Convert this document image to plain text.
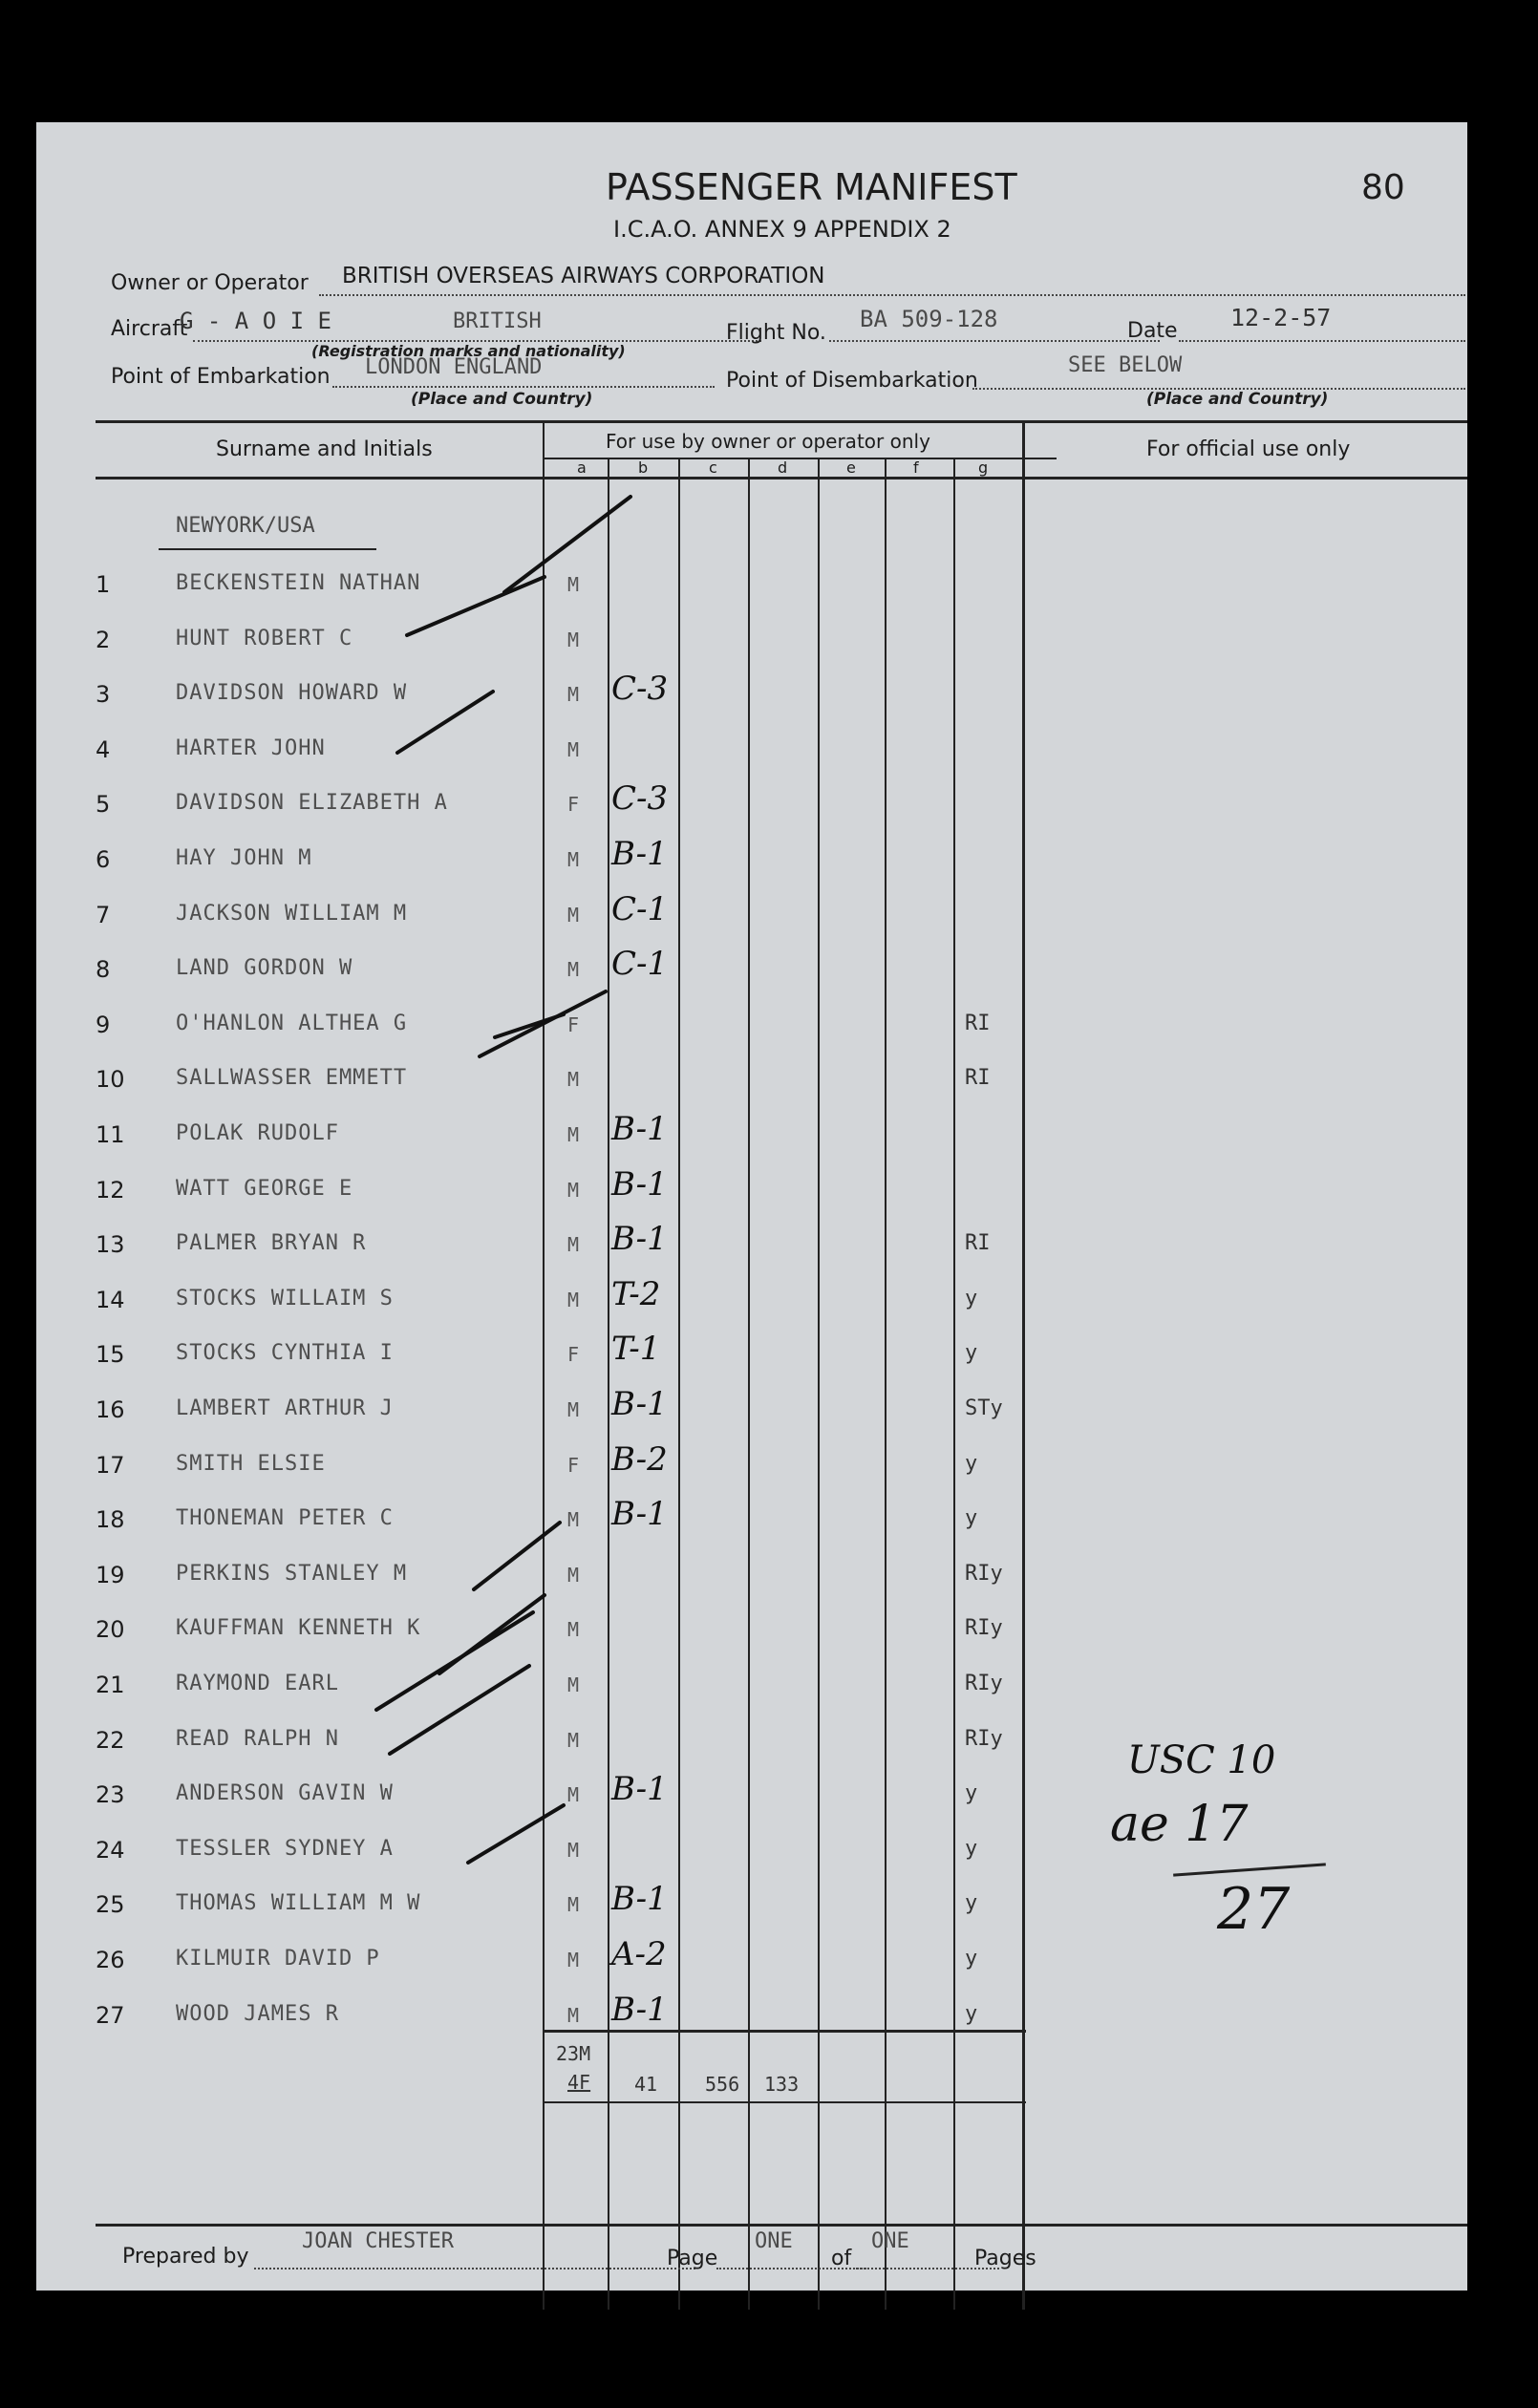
PASSENGER MANIFEST
I.C.A.O. ANNEX 9 APPENDIX 2
80
Owner or Operator BRITISH OVERSEAS AIRWAYS CORPORATION
Aircraft
G - A O I E	BRITISH
(Registration marks and nationality)
Flight No.
BA 509-128	Date 12-2-57
Point of Embarkation LONDON ENGLAND
(Place and Country)
Point of Disembarkation
SEE BELOW
(Place and Country)
Surname and Initials	For use by owner or operator only	For official use only
a	b	c	d	e	f	g
NEWYORK/USA
1	BECKENSTEIN NATHAN	M
2	HUNT ROBERT C	M
3	DAVIDSON HOWARD W	M C-3
4	HARTER JOHN	M
5	DAVIDSON ELIZABETH A	F C-3
6	HAY JOHN M	M B-1
7	JACKSON WILLIAM M	M C-1
8	LAND GORDON W	M C-1
9	O'HANLON ALTHEA G	F	RI
10 SALLWASSER EMMETT	M	RI
11 POLAK RUDOLF	M B-1
12 WATT GEORGE E	M B-1
13 PALMER BRYAN R	M B-1	RI
14 STOCKS WILLAIM S	M T-2	y
15 STOCKS CYNTHIA I	F T-1	y
16 LAMBERT ARTHUR J	M B-1	STy
17 SMITH ELSIE	F B-2	y
18 THONEMAN PETER C	M B-1	y
19 PERKINS STANLEY M	M	RIy
20 KAUFFMAN KENNETH K	M	RIy
21 RAYMOND EARL	M	RIy
22 READ RALPH N	M	RIy
23 ANDERSON GAVIN W	M B-1	y
24 TESSLER SYDNEY A	M	y
25 THOMAS WILLIAM M W	M B-1	y
26 KILMUIR DAVID P	M A-2	y
27 WOOD JAMES R	M B-1	y
23M
4F 41 556 133
USC 10
ae 17
27
Prepared by
JOAN CHESTER
Page
ONE
of
ONE
Pages
